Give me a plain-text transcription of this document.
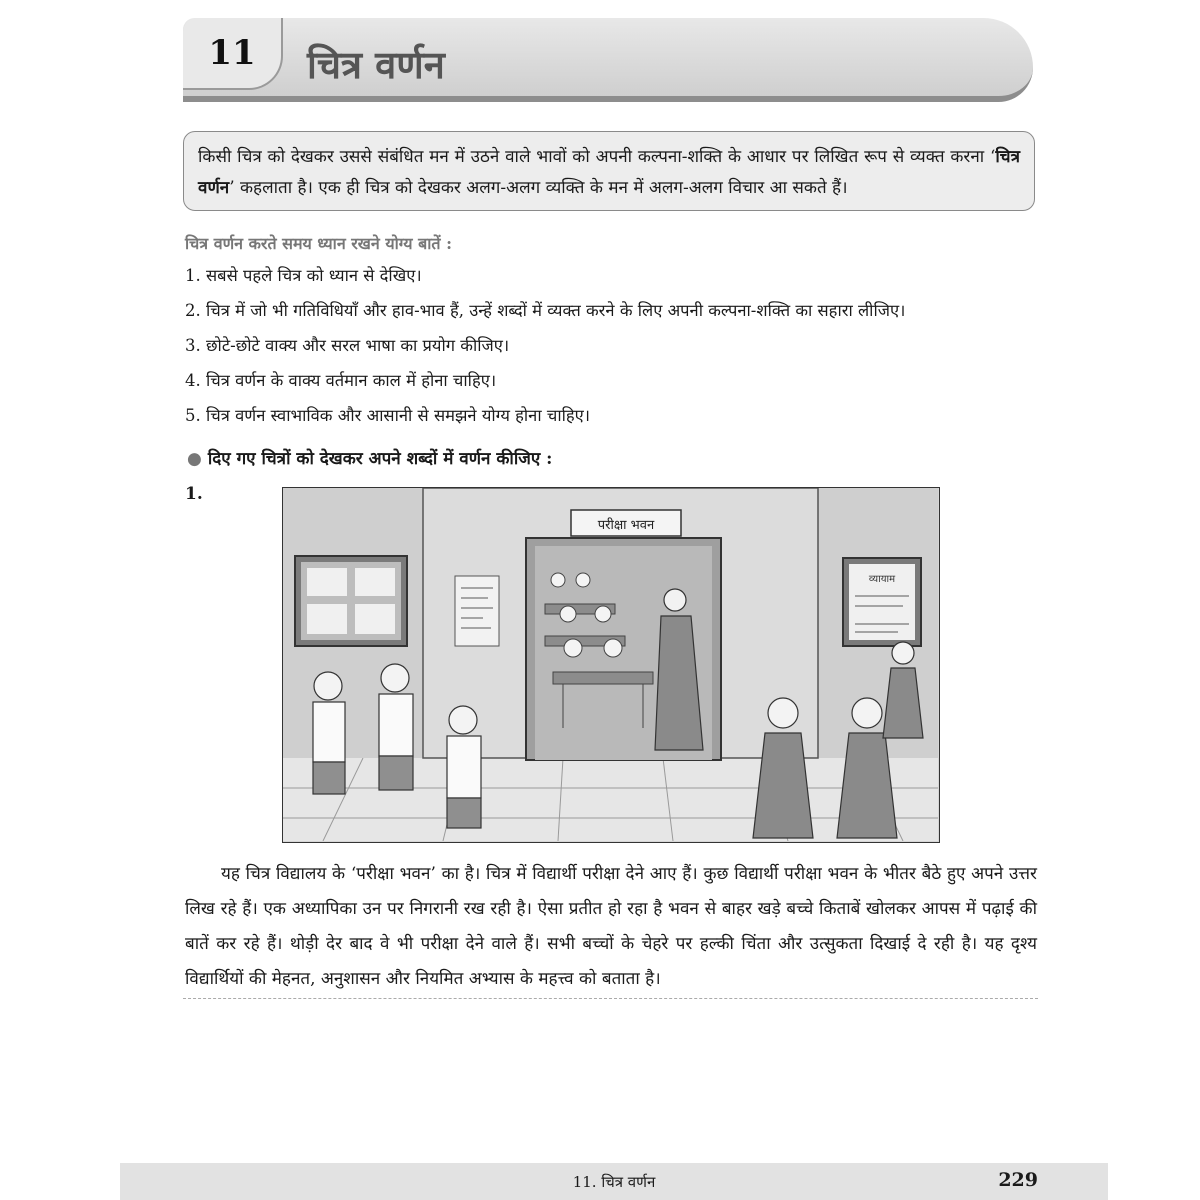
11	चित्र वर्णन
किसी चित्र को देखकर उससे संबंधित मन में उठने वाले भावों को अपनी कल्पना-शक्ति के आधार पर लिखित रूप से व्यक्त करना ‘चित्र वर्णन’ कहलाता है। एक ही चित्र को देखकर अलग-अलग व्यक्ति के मन में अलग-अलग विचार आ सकते हैं।
चित्र वर्णन करते समय ध्यान रखने योग्य बातें :
1. सबसे पहले चित्र को ध्यान से देखिए।
2. चित्र में जो भी गतिविधियाँ और हाव-भाव हैं, उन्हें शब्दों में व्यक्त करने के लिए अपनी कल्पना-शक्ति का सहारा लीजिए।
3. छोटे-छोटे वाक्य और सरल भाषा का प्रयोग कीजिए।
4. चित्र वर्णन के वाक्य वर्तमान काल में होना चाहिए।
5. चित्र वर्णन स्वाभाविक और आसानी से समझने योग्य होना चाहिए।
● दिए गए चित्रों को देखकर अपने शब्दों में वर्णन कीजिए :
1.
परीक्षा भवन
व्यायाम

यह चित्र विद्यालय के ‘परीक्षा भवन’ का है। चित्र में विद्यार्थी परीक्षा देने आए हैं। कुछ विद्यार्थी परीक्षा भवन के भीतर बैठे हुए अपने उत्तर लिख रहे हैं। एक अध्यापिका उन पर निगरानी रख रही है। ऐसा प्रतीत हो रहा है भवन से बाहर खड़े बच्चे किताबें खोलकर आपस में पढ़ाई की बातें कर रहे हैं। थोड़ी देर बाद वे भी परीक्षा देने वाले हैं। सभी बच्चों के चेहरे पर हल्की चिंता और उत्सुकता दिखाई दे रही है। यह दृश्य विद्यार्थियों की मेहनत, अनुशासन और नियमित अभ्यास के महत्त्व को बताता है।

11. चित्र वर्णन	229
